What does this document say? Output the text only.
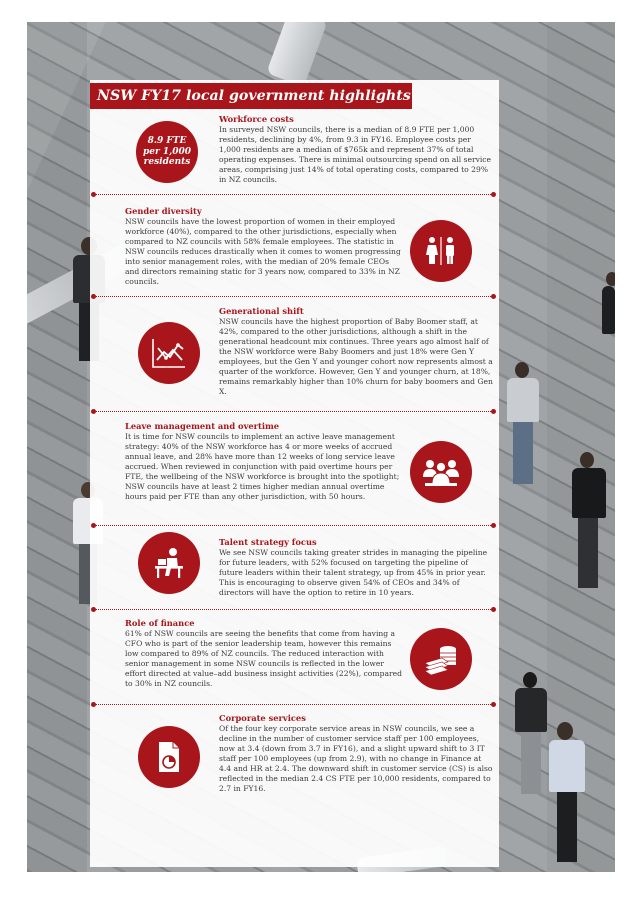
NSW FY17 local government highlights
8.9 FTE per 1,000 residents
Workforce costs
In surveyed NSW councils, there is a median of 8.9 FTE per 1,000 residents, declining by 4%, from 9.3 in FY16. Employee costs per 1,000 residents are a median of $765k and represent 37% of total operating expenses. There is minimal outsourcing spend on all service areas, comprising just 14% of total operating costs, compared to 29% in NZ councils.
Gender diversity
NSW councils have the lowest proportion of women in their employed workforce (40%), compared to the other jurisdictions, especially when compared to NZ councils with 58% female employees. The statistic in NSW councils reduces drastically when it comes to women progressing into senior management roles, with the median of 20% female CEOs and directors remaining static for 3 years now, compared to 33% in NZ councils.
Generational shift
NSW councils have the highest proportion of Baby Boomer staff, at 42%, compared to the other jurisdictions, although a shift in the generational headcount mix continues. Three years ago almost half of the NSW workforce were Baby Boomers and just 18% were Gen Y employees, but the Gen Y and younger cohort now represents almost a quarter of the workforce. However, Gen Y and younger churn, at 18%, remains remarkably higher than 10% churn for baby boomers and Gen X.
Leave management and overtime
It is time for NSW councils to implement an active leave management strategy: 40% of the NSW workforce has 4 or more weeks of accrued annual leave, and 28% have more than 12 weeks of long service leave accrued. When reviewed in conjunction with paid overtime hours per FTE, the wellbeing of the NSW workforce is brought into the spotlight; NSW councils have at least 2 times higher median annual overtime hours paid per FTE than any other jurisdiction, with 50 hours.
Talent strategy focus
We see NSW councils taking greater strides in managing the pipeline for future leaders, with 52% focused on targeting the pipeline of future leaders within their talent strategy, up from 45% in prior year. This is encouraging to observe given 54% of CEOs and 34% of directors will have the option to retire in 10 years.
Role of finance
61% of NSW councils are seeing the benefits that come from having a CFO who is part of the senior leadership team, however this remains low compared to 89% of NZ councils. The reduced interaction with senior management in some NSW councils is reflected in the lower effort directed at value–add business insight activities (22%), compared to 30% in NZ councils.
Corporate services
Of the four key corporate service areas in NSW councils, we see a decline in the number of customer service staff per 100 employees, now at 3.4 (down from 3.7 in FY16), and a slight upward shift to 3 IT staff per 100 employees (up from 2.9), with no change in Finance at 4.4 and HR at 2.4. The downward shift in customer service (CS) is also reflected in the median 2.4 CS FTE per 10,000 residents, compared to 2.7 in FY16.
